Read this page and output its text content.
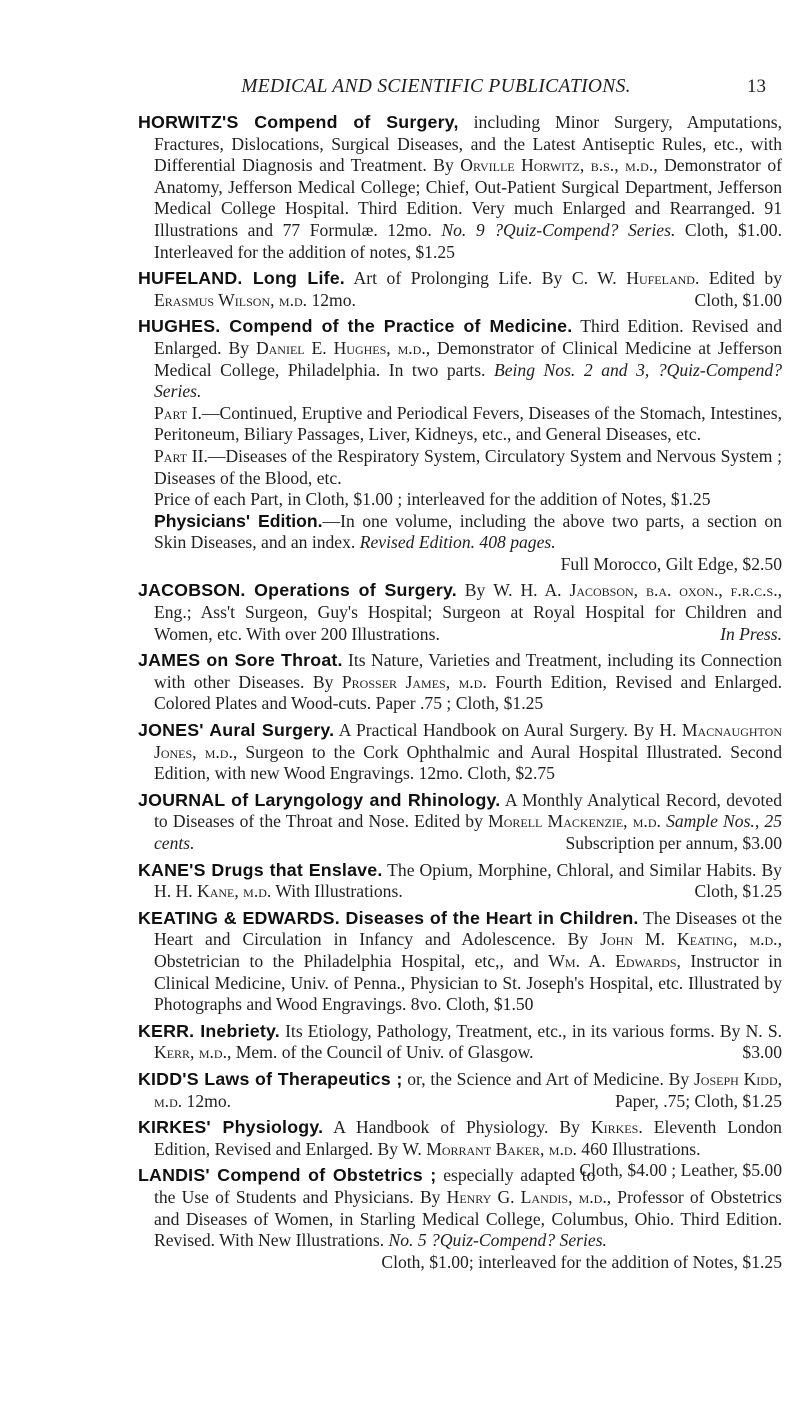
MEDICAL AND SCIENTIFIC PUBLICATIONS.	13

HORWITZ'S Compend of Surgery, including Minor Surgery, Amputations, Fractures, Dislocations, Surgical Diseases, and the Latest Antiseptic Rules, etc., with Differential Diagnosis and Treatment. By Orville Horwitz, b.s., m.d., Demonstrator of Anatomy, Jefferson Medical College; Chief, Out-Patient Surgical Department, Jefferson Medical College Hospital. Third Edition. Very much Enlarged and Rearranged. 91 Illustrations and 77 Formulæ. 12mo. No. 9 ?Quiz-Compend? Series. Cloth, $1.00. Interleaved for the addition of notes, $1.25

HUFELAND. Long Life. Art of Prolonging Life. By C. W. Hufeland. Edited by Erasmus Wilson, m.d. 12mo.	Cloth, $1.00

HUGHES. Compend of the Practice of Medicine. Third Edition. Revised and Enlarged. By Daniel E. Hughes, m.d., Demonstrator of Clinical Medicine at Jefferson Medical College, Philadelphia. In two parts. Being Nos. 2 and 3, ?Quiz-Compend? Series.

Part I.—Continued, Eruptive and Periodical Fevers, Diseases of the Stomach, Intestines, Peritoneum, Biliary Passages, Liver, Kidneys, etc., and General Diseases, etc.

Part II.—Diseases of the Respiratory System, Circulatory System and Nervous System ; Diseases of the Blood, etc.

Price of each Part, in Cloth, $1.00 ; interleaved for the addition of Notes, $1.25

Physicians' Edition.—In one volume, including the above two parts, a section on Skin Diseases, and an index. Revised Edition. 408 pages.
Full Morocco, Gilt Edge, $2.50

JACOBSON. Operations of Surgery. By W. H. A. Jacobson, b.a. oxon., f.r.c.s., Eng.; Ass't Surgeon, Guy's Hospital; Surgeon at Royal Hospital for Children and Women, etc. With over 200 Illustrations.	In Press.

JAMES on Sore Throat. Its Nature, Varieties and Treatment, including its Connection with other Diseases. By Prosser James, m.d. Fourth Edition, Revised and Enlarged. Colored Plates and Wood-cuts. Paper .75 ; Cloth, $1.25

JONES' Aural Surgery. A Practical Handbook on Aural Surgery. By H. Macnaughton Jones, m.d., Surgeon to the Cork Ophthalmic and Aural Hospital Illustrated. Second Edition, with new Wood Engravings. 12mo. Cloth, $2.75

JOURNAL of Laryngology and Rhinology. A Monthly Analytical Record, devoted to Diseases of the Throat and Nose. Edited by Morell Mackenzie, m.d. Sample Nos., 25 cents.	Subscription per annum, $3.00

KANE'S Drugs that Enslave. The Opium, Morphine, Chloral, and Similar Habits. By H. H. Kane, m.d. With Illustrations.	Cloth, $1.25

KEATING & EDWARDS. Diseases of the Heart in Children. The Diseases ot the Heart and Circulation in Infancy and Adolescence. By John M. Keating, m.d., Obstetrician to the Philadelphia Hospital, etc,, and Wm. A. Edwards, Instructor in Clinical Medicine, Univ. of Penna., Physician to St. Joseph's Hospital, etc. Illustrated by Photographs and Wood Engravings. 8vo. Cloth, $1.50

KERR. Inebriety. Its Etiology, Pathology, Treatment, etc., in its various forms. By N. S. Kerr, m.d., Mem. of the Council of Univ. of Glasgow.	$3.00

KIDD'S Laws of Therapeutics ; or, the Science and Art of Medicine. By Joseph Kidd, m.d. 12mo.	Paper, .75; Cloth, $1.25

KIRKES' Physiology. A Handbook of Physiology. By Kirkes. Eleventh London Edition, Revised and Enlarged. By W. Morrant Baker, m.d. 460 Illustrations.
Cloth, $4.00 ; Leather, $5.00

LANDIS' Compend of Obstetrics ; especially adapted to the Use of Students and Physicians. By Henry G. Landis, m.d., Professor of Obstetrics and Diseases of Women, in Starling Medical College, Columbus, Ohio. Third Edition. Revised. With New Illustrations. No. 5 ?Quiz-Compend? Series.
Cloth, $1.00; interleaved for the addition of Notes, $1.25
